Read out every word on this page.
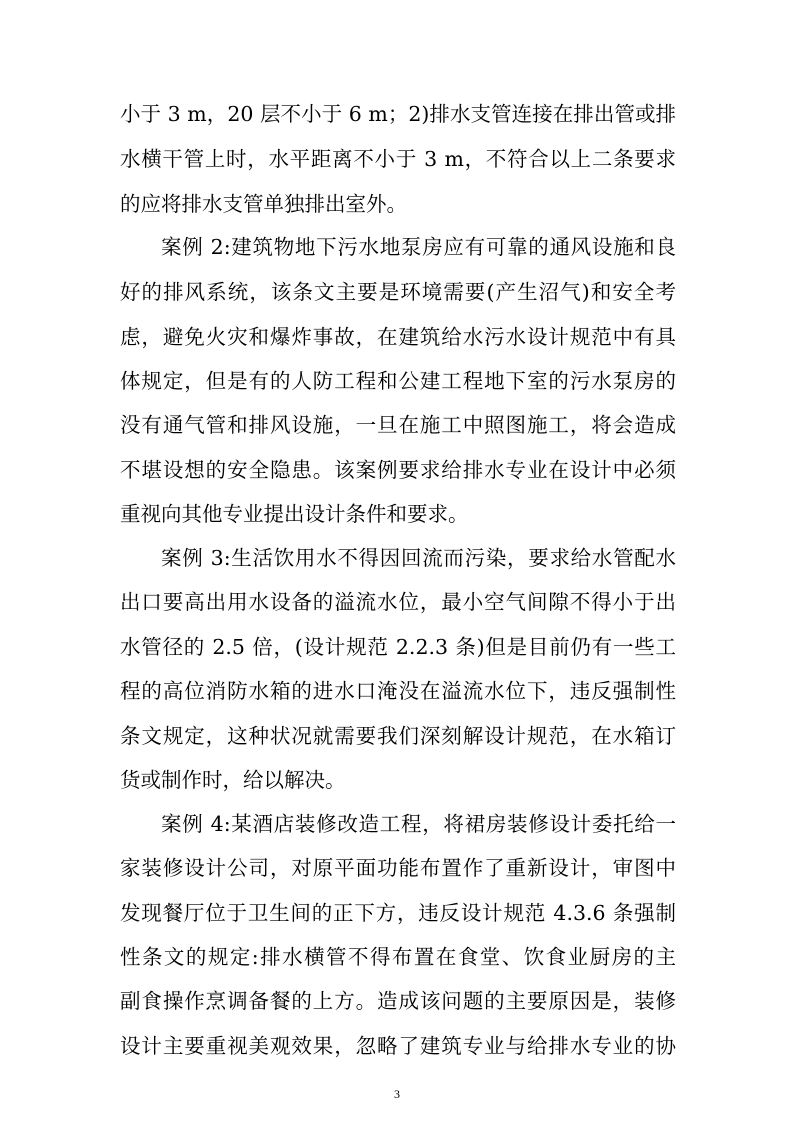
小于 3 m，20 层不小于 6 m；2)排水支管连接在排出管或排
水横干管上时，水平距离不小于 3 m，不符合以上二条要求
的应将排水支管单独排出室外。
案例 2:建筑物地下污水地泵房应有可靠的通风设施和良
好的排风系统，该条文主要是环境需要(产生沼气)和安全考
虑，避免火灾和爆炸事故，在建筑给水污水设计规范中有具
体规定，但是有的人防工程和公建工程地下室的污水泵房的
没有通气管和排风设施，一旦在施工中照图施工，将会造成
不堪设想的安全隐患。该案例要求给排水专业在设计中必须
重视向其他专业提出设计条件和要求。
案例 3:生活饮用水不得因回流而污染，要求给水管配水
出口要高出用水设备的溢流水位，最小空气间隙不得小于出
水管径的 2.5 倍，(设计规范 2.2.3 条)但是目前仍有一些工
程的高位消防水箱的进水口淹没在溢流水位下，违反强制性
条文规定，这种状况就需要我们深刻解设计规范，在水箱订
货或制作时，给以解决。
案例 4:某酒店装修改造工程，将裙房装修设计委托给一
家装修设计公司，对原平面功能布置作了重新设计，审图中
发现餐厅位于卫生间的正下方，违反设计规范 4.3.6 条强制
性条文的规定:排水横管不得布置在食堂、饮食业厨房的主
副食操作烹调备餐的上方。造成该问题的主要原因是，装修
设计主要重视美观效果，忽略了建筑专业与给排水专业的协
3
